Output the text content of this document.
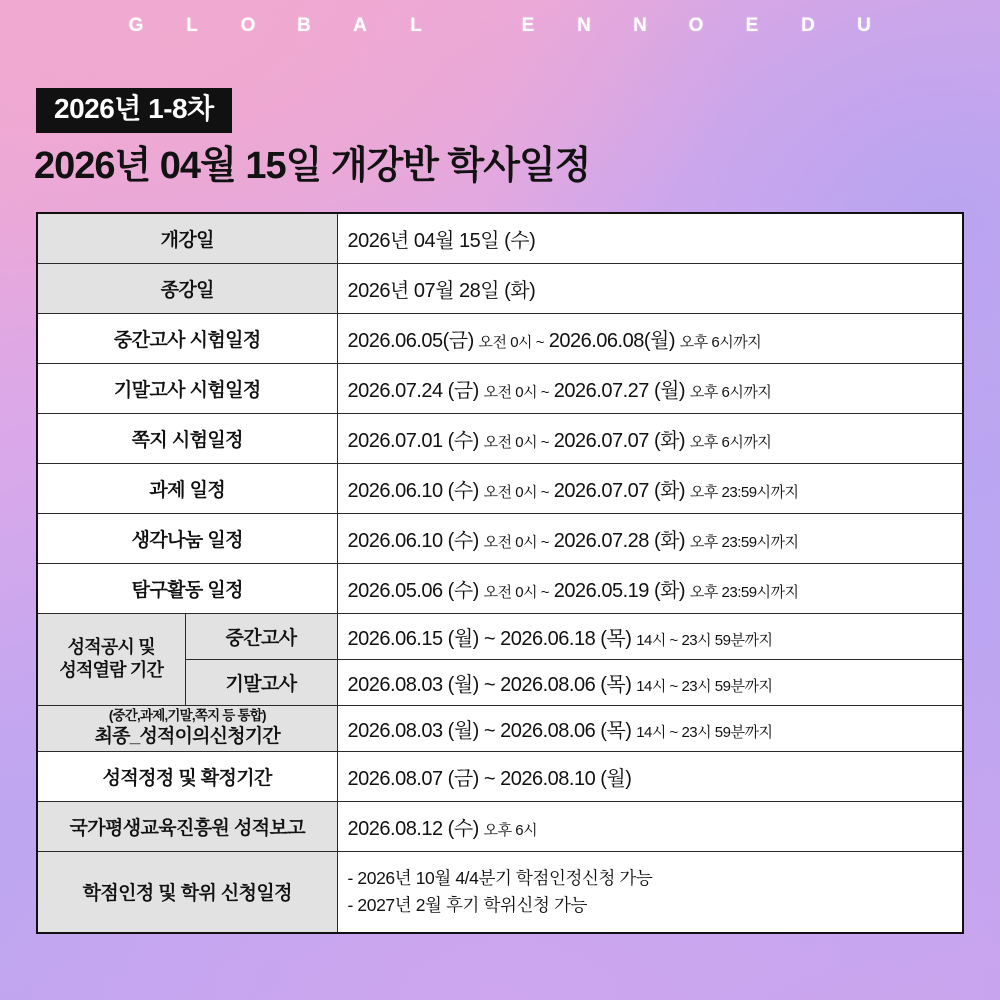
G	L	O	B	A	L	E	N	N	O	E	D	U
2026년 1-8차
2026년 04월 15일 개강반 학사일정
개강일		2026년 04월 15일 (수)
종강일		2026년 07월 28일 (화)
중간고사 시험일정		2026.06.05(금) 오전 0시 ~ 2026.06.08(월) 오후 6시까지
기말고사 시험일정		2026.07.24 (금) 오전 0시 ~ 2026.07.27 (월) 오후 6시까지
쪽지 시험일정		2026.07.01 (수) 오전 0시 ~ 2026.07.07 (화) 오후 6시까지
과제 일정		2026.06.10 (수) 오전 0시 ~ 2026.07.07 (화) 오후 23:59시까지
생각나눔 일정		2026.06.10 (수) 오전 0시 ~ 2026.07.28 (화) 오후 23:59시까지
탐구활동 일정		2026.05.06 (수) 오전 0시 ~ 2026.05.19 (화) 오후 23:59시까지

성적공시 및
성적열람 기간	중간고사	2026.06.15 (월) ~ 2026.06.18 (목) 14시 ~ 23시 59분까지
	기말고사	2026.08.03 (월) ~ 2026.08.06 (목) 14시 ~ 23시 59분까지

(중간,과제,기말,쪽지 등 통합)
최종_성적이의신청기간		2026.08.03 (월) ~ 2026.08.06 (목) 14시 ~ 23시 59분까지
성적정정 및 확정기간		2026.08.07 (금) ~ 2026.08.10 (월)
국가평생교육진흥원 성적보고		2026.08.12 (수) 오후 6시
학점인정 및 학위 신청일정		- 2026년 10월 4/4분기 학점인정신청 가능
- 2027년 2월 후기 학위신청 가능
